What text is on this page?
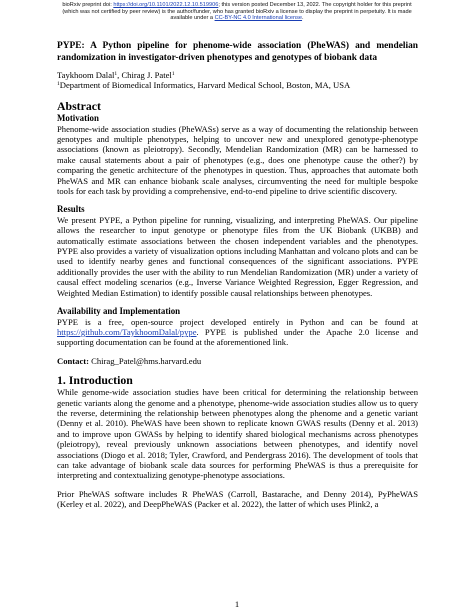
bioRxiv preprint doi: https://doi.org/10.1101/2022.12.10.519906; this version posted December 13, 2022. The copyright holder for this preprint
(which was not certified by peer review) is the author/funder, who has granted bioRxiv a license to display the preprint in perpetuity. It is made
available under a CC-BY-NC 4.0 International license.
PYPE: A Python pipeline for phenome-wide association (PheWAS) and mendelian randomization in investigator-driven phenotypes and genotypes of biobank data
Taykhoom Dalal$^1$, Chirag J. Patel$^1$
$^1$Department of Biomedical Informatics, Harvard Medical School, Boston, MA, USA
Abstract
Motivation

Phenome-wide association studies (PheWASs) serve as a way of documenting the relationship between genotypes and multiple phenotypes, helping to uncover new and unexplored genotype-phenotype associations (known as pleiotropy). Secondly, Mendelian Randomization (MR) can be harnessed to make causal statements about a pair of phenotypes (e.g., does one phenotype cause the other?) by comparing the genetic architecture of the phenotypes in question. Thus, approaches that automate both PheWAS and MR can enhance biobank scale analyses, circumventing the need for multiple bespoke tools for each task by providing a comprehensive, end-to-end pipeline to drive scientific discovery.

Results

We present PYPE, a Python pipeline for running, visualizing, and interpreting PheWAS. Our pipeline allows the researcher to input genotype or phenotype files from the UK Biobank (UKBB) and automatically estimate associations between the chosen independent variables and the phenotypes. PYPE also provides a variety of visualization options including Manhattan and volcano plots and can be used to identify nearby genes and functional consequences of the significant associations. PYPE additionally provides the user with the ability to run Mendelian Randomization (MR) under a variety of causal effect modeling scenarios (e.g., Inverse Variance Weighted Regression, Egger Regression, and Weighted Median Estimation) to identify possible causal relationships between phenotypes.

Availability and Implementation

PYPE is a free, open-source project developed entirely in Python and can be found at https://github.com/TaykhoomDalal/pype. PYPE is published under the Apache 2.0 license and supporting documentation can be found at the aforementioned link.

Contact: Chirag_Patel@hms.harvard.edu

1. Introduction

While genome-wide association studies have been critical for determining the relationship between genetic variants along the genome and a phenotype, phenome-wide association studies allow us to query the reverse, determining the relationship between phenotypes along the phenome and a genetic variant (Denny et al. 2010). PheWAS have been shown to replicate known GWAS results (Denny et al. 2013) and to improve upon GWASs by helping to identify shared biological mechanisms across phenotypes (pleiotropy), reveal previously unknown associations between phenotypes, and identify novel associations (Diogo et al. 2018; Tyler, Crawford, and Pendergrass 2016). The development of tools that can take advantage of biobank scale data sources for performing PheWAS is thus a prerequisite for interpreting and contextualizing genotype-phenotype associations.

Prior PheWAS software includes R PheWAS (Carroll, Bastarache, and Denny 2014), PyPheWAS (Kerley et al. 2022), and DeepPheWAS (Packer et al. 2022), the latter of which uses Plink2, a

1
